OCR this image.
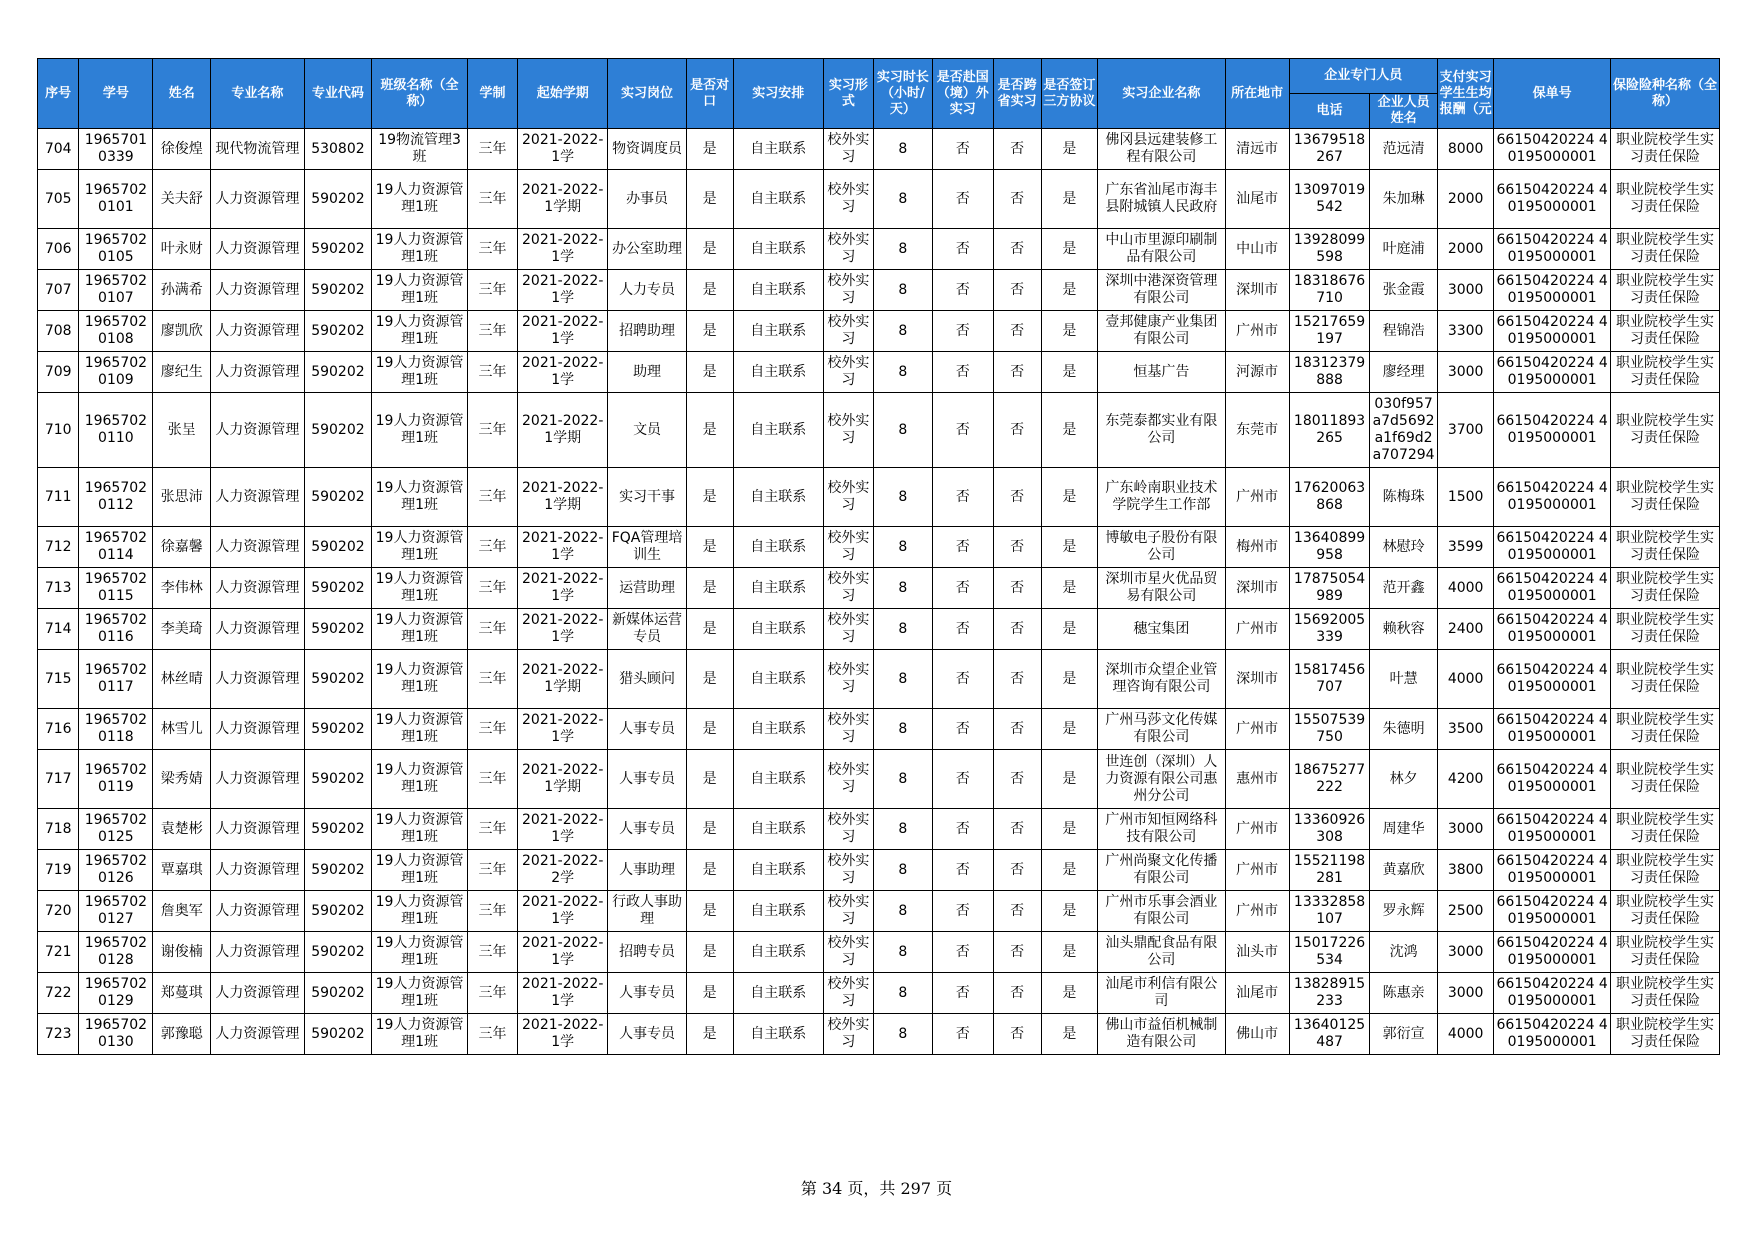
序号	学号	姓名	专业名称	专业代码	班级名称（全称）	学制	起始学期	实习岗位	是否对口	实习安排	实习形式	实习时长（小时/天）	是否赴国（境）外实习	是否跨省实习	是否签订三方协议	实习企业名称	所在地市	企业专门人员		支付实习学生生均报酬（元	保单号	保险险种名称（全称）
																		电话	企业人员姓名			
704	1965701 0339	徐俊煌	现代物流管理	530802	19物流管理3班	三年	2021-2022-1学	物资调度员	是	自主联系	校外实习	8	否	否	是	佛冈县远建装修工程有限公司	清远市	13679518 267	范远清	8000	66150420224 40195000001	职业院校学生实习责任保险
705	1965702 0101	关夫舒	人力资源管理	590202	19人力资源管理1班	三年	2021-2022-1学期	办事员	是	自主联系	校外实习	8	否	否	是	广东省汕尾市海丰县附城镇人民政府	汕尾市	13097019 542	朱加琳	2000	66150420224 40195000001	职业院校学生实习责任保险
706	1965702 0105	叶永财	人力资源管理	590202	19人力资源管理1班	三年	2021-2022-1学	办公室助理	是	自主联系	校外实习	8	否	否	是	中山市里源印刷制品有限公司	中山市	13928099 598	叶庭浦	2000	66150420224 40195000001	职业院校学生实习责任保险
707	1965702 0107	孙满希	人力资源管理	590202	19人力资源管理1班	三年	2021-2022-1学	人力专员	是	自主联系	校外实习	8	否	否	是	深圳中港深资管理有限公司	深圳市	18318676 710	张金霞	3000	66150420224 40195000001	职业院校学生实习责任保险
708	1965702 0108	廖凯欣	人力资源管理	590202	19人力资源管理1班	三年	2021-2022-1学	招聘助理	是	自主联系	校外实习	8	否	否	是	壹邦健康产业集团有限公司	广州市	15217659 197	程锦浩	3300	66150420224 40195000001	职业院校学生实习责任保险
709	1965702 0109	廖纪生	人力资源管理	590202	19人力资源管理1班	三年	2021-2022-1学	助理	是	自主联系	校外实习	8	否	否	是	恒基广告	河源市	18312379 888	廖经理	3000	66150420224 40195000001	职业院校学生实习责任保险
710	1965702 0110	张呈	人力资源管理	590202	19人力资源管理1班	三年	2021-2022-1学期	文员	是	自主联系	校外实习	8	否	否	是	东莞泰都实业有限公司	东莞市	18011893 265	030f957a7d5692a1f69d2a707294	3700	66150420224 40195000001	职业院校学生实习责任保险
711	1965702 0112	张思沛	人力资源管理	590202	19人力资源管理1班	三年	2021-2022-1学期	实习干事	是	自主联系	校外实习	8	否	否	是	广东岭南职业技术学院学生工作部	广州市	17620063 868	陈梅珠	1500	66150420224 40195000001	职业院校学生实习责任保险
712	1965702 0114	徐嘉馨	人力资源管理	590202	19人力资源管理1班	三年	2021-2022-1学	FQA管理培训生	是	自主联系	校外实习	8	否	否	是	博敏电子股份有限公司	梅州市	13640899 958	林慰玲	3599	66150420224 40195000001	职业院校学生实习责任保险
713	1965702 0115	李伟林	人力资源管理	590202	19人力资源管理1班	三年	2021-2022-1学	运营助理	是	自主联系	校外实习	8	否	否	是	深圳市星火优品贸易有限公司	深圳市	17875054 989	范开鑫	4000	66150420224 40195000001	职业院校学生实习责任保险
714	1965702 0116	李美琦	人力资源管理	590202	19人力资源管理1班	三年	2021-2022-1学	新媒体运营专员	是	自主联系	校外实习	8	否	否	是	穗宝集团	广州市	15692005 339	赖秋容	2400	66150420224 40195000001	职业院校学生实习责任保险
715	1965702 0117	林丝晴	人力资源管理	590202	19人力资源管理1班	三年	2021-2022-1学期	猎头顾问	是	自主联系	校外实习	8	否	否	是	深圳市众望企业管理咨询有限公司	深圳市	15817456 707	叶慧	4000	66150420224 40195000001	职业院校学生实习责任保险
716	1965702 0118	林雪儿	人力资源管理	590202	19人力资源管理1班	三年	2021-2022-1学	人事专员	是	自主联系	校外实习	8	否	否	是	广州马莎文化传媒有限公司	广州市	15507539 750	朱德明	3500	66150420224 40195000001	职业院校学生实习责任保险
717	1965702 0119	梁秀婧	人力资源管理	590202	19人力资源管理1班	三年	2021-2022-1学期	人事专员	是	自主联系	校外实习	8	否	否	是	世连创（深圳）人力资源有限公司惠州分公司	惠州市	18675277 222	林夕	4200	66150420224 40195000001	职业院校学生实习责任保险
718	1965702 0125	袁楚彬	人力资源管理	590202	19人力资源管理1班	三年	2021-2022-1学	人事专员	是	自主联系	校外实习	8	否	否	是	广州市知恒网络科技有限公司	广州市	13360926 308	周建华	3000	66150420224 40195000001	职业院校学生实习责任保险
719	1965702 0126	覃嘉琪	人力资源管理	590202	19人力资源管理1班	三年	2021-2022-2学	人事助理	是	自主联系	校外实习	8	否	否	是	广州尚聚文化传播有限公司	广州市	15521198 281	黄嘉欣	3800	66150420224 40195000001	职业院校学生实习责任保险
720	1965702 0127	詹奥军	人力资源管理	590202	19人力资源管理1班	三年	2021-2022-1学	行政人事助理	是	自主联系	校外实习	8	否	否	是	广州市乐事会酒业有限公司	广州市	13332858 107	罗永辉	2500	66150420224 40195000001	职业院校学生实习责任保险
721	1965702 0128	谢俊楠	人力资源管理	590202	19人力资源管理1班	三年	2021-2022-1学	招聘专员	是	自主联系	校外实习	8	否	否	是	汕头鼎配食品有限公司	汕头市	15017226 534	沈鸿	3000	66150420224 40195000001	职业院校学生实习责任保险
722	1965702 0129	郑蔓琪	人力资源管理	590202	19人力资源管理1班	三年	2021-2022-1学	人事专员	是	自主联系	校外实习	8	否	否	是	汕尾市利信有限公司	汕尾市	13828915 233	陈惠亲	3000	66150420224 40195000001	职业院校学生实习责任保险
723	1965702 0130	郭豫聪	人力资源管理	590202	19人力资源管理1班	三年	2021-2022-1学	人事专员	是	自主联系	校外实习	8	否	否	是	佛山市益佰机械制造有限公司	佛山市	13640125 487	郭衍宣	4000	66150420224 40195000001	职业院校学生实习责任保险
第 34 页，共 297 页
